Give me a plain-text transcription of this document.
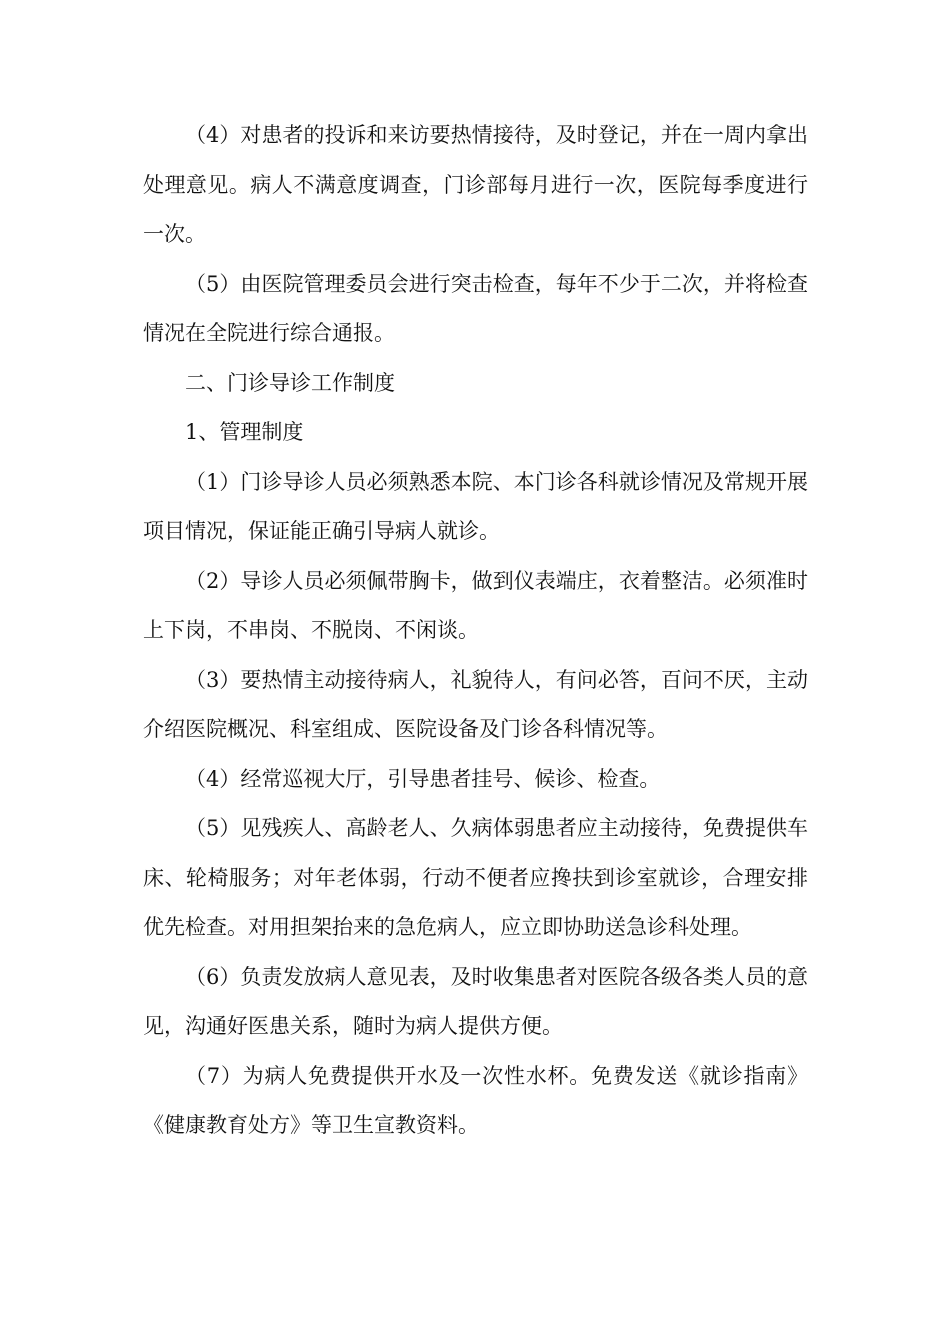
（4）对患者的投诉和来访要热情接待，及时登记，并在一周内拿出处理意见。病人不满意度调查，门诊部每月进行一次，医院每季度进行一次。

（5）由医院管理委员会进行突击检查，每年不少于二次，并将检查情况在全院进行综合通报。

二、门诊导诊工作制度

1、管理制度

（1）门诊导诊人员必须熟悉本院、本门诊各科就诊情况及常规开展项目情况，保证能正确引导病人就诊。

（2）导诊人员必须佩带胸卡，做到仪表端庄，衣着整洁。必须准时上下岗，不串岗、不脱岗、不闲谈。

（3）要热情主动接待病人，礼貌待人，有问必答，百问不厌，主动介绍医院概况、科室组成、医院设备及门诊各科情况等。

（4）经常巡视大厅，引导患者挂号、候诊、检查。

（5）见残疾人、高龄老人、久病体弱患者应主动接待，免费提供车床、轮椅服务；对年老体弱，行动不便者应搀扶到诊室就诊，合理安排优先检查。对用担架抬来的急危病人，应立即协助送急诊科处理。

（6）负责发放病人意见表，及时收集患者对医院各级各类人员的意见，沟通好医患关系，随时为病人提供方便。

（7）为病人免费提供开水及一次性水杯。免费发送《就诊指南》《健康教育处方》等卫生宣教资料。
